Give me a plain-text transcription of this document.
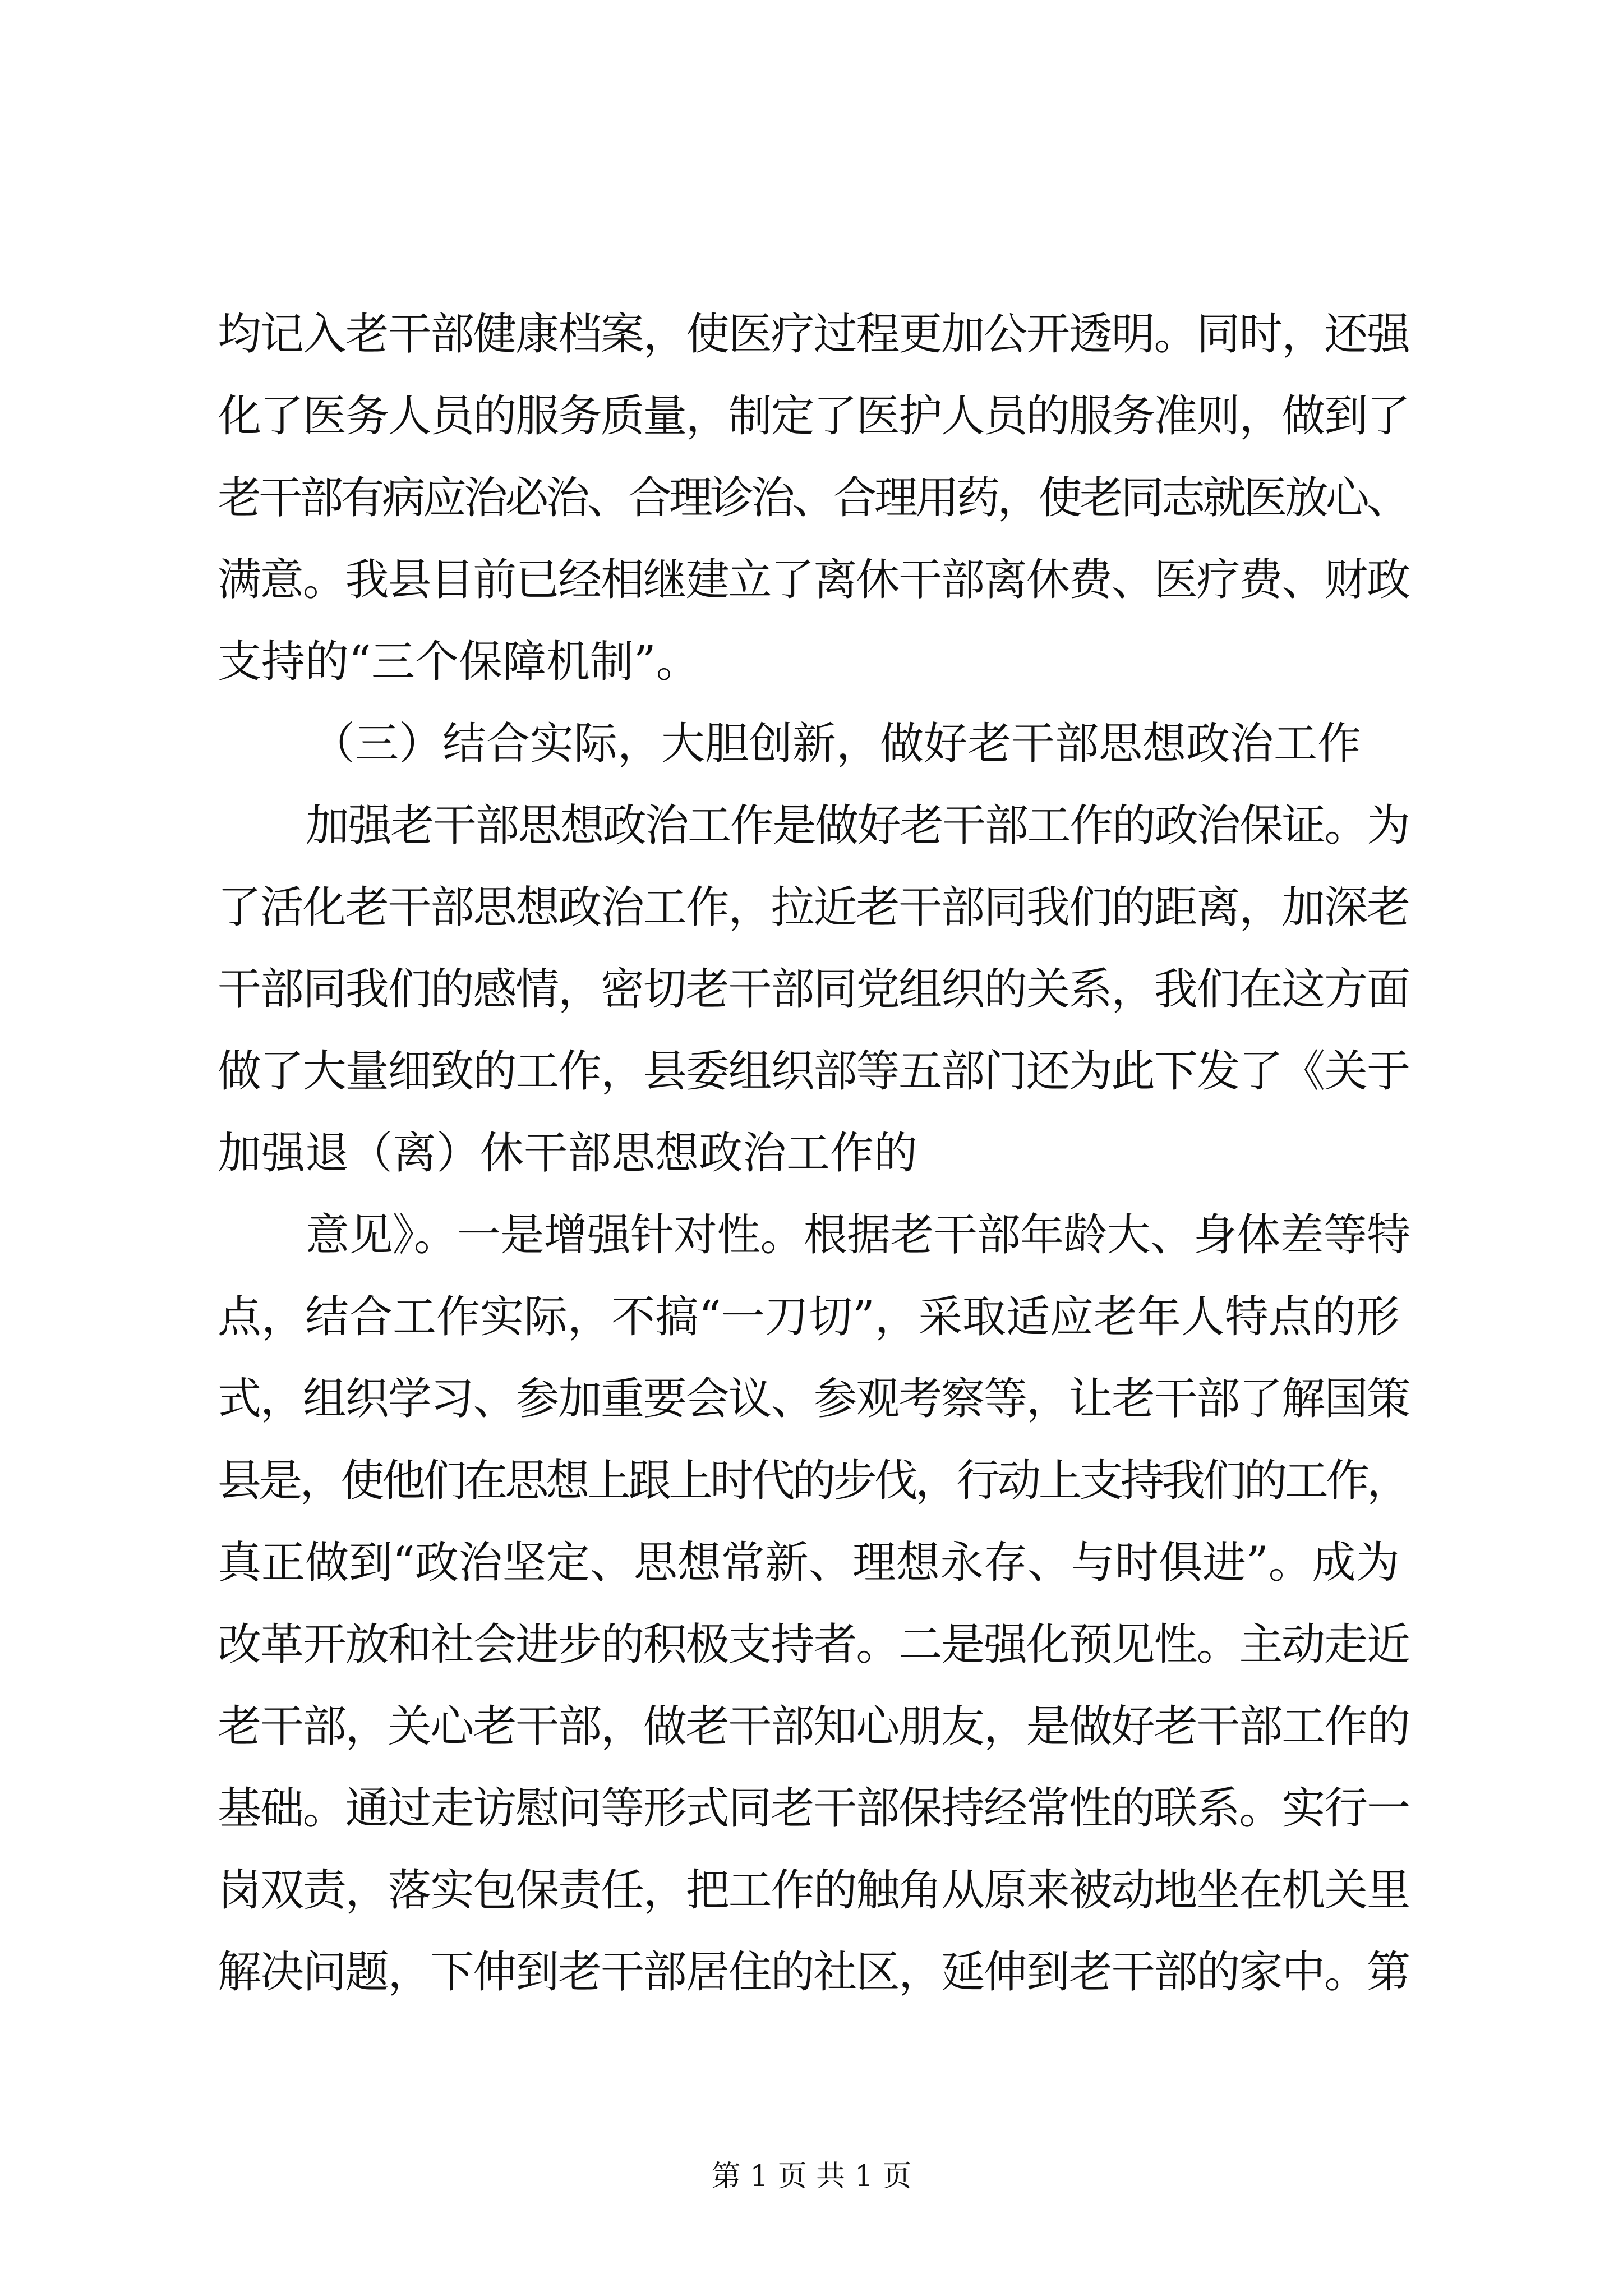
均记入老干部健康档案，使医疗过程更加公开透明。同时，还强
化了医务人员的服务质量，制定了医护人员的服务准则，做到了
老干部有病应治必治、合理诊治、合理用药，使老同志就医放心、
满意。我县目前已经相继建立了离休干部离休费、医疗费、财政
支持的“三个保障机制”。
（三）结合实际，大胆创新，做好老干部思想政治工作
加强老干部思想政治工作是做好老干部工作的政治保证。为
了活化老干部思想政治工作，拉近老干部同我们的距离，加深老
干部同我们的感情，密切老干部同党组织的关系，我们在这方面
做了大量细致的工作，县委组织部等五部门还为此下发了《关于
加强退（离）休干部思想政治工作的
意见》。一是增强针对性。根据老干部年龄大、身体差等特
点，结合工作实际，不搞“一刀切”，采取适应老年人特点的形
式，组织学习、参加重要会议、参观考察等，让老干部了解国策
县是，使他们在思想上跟上时代的步伐，行动上支持我们的工作，
真正做到“政治坚定、思想常新、理想永存、与时俱进”。成为
改革开放和社会进步的积极支持者。二是强化预见性。主动走近
老干部，关心老干部，做老干部知心朋友，是做好老干部工作的
基础。通过走访慰问等形式同老干部保持经常性的联系。实行一
岗双责，落实包保责任，把工作的触角从原来被动地坐在机关里
解决问题，下伸到老干部居住的社区，延伸到老干部的家中。第
第 1 页 共 1 页
